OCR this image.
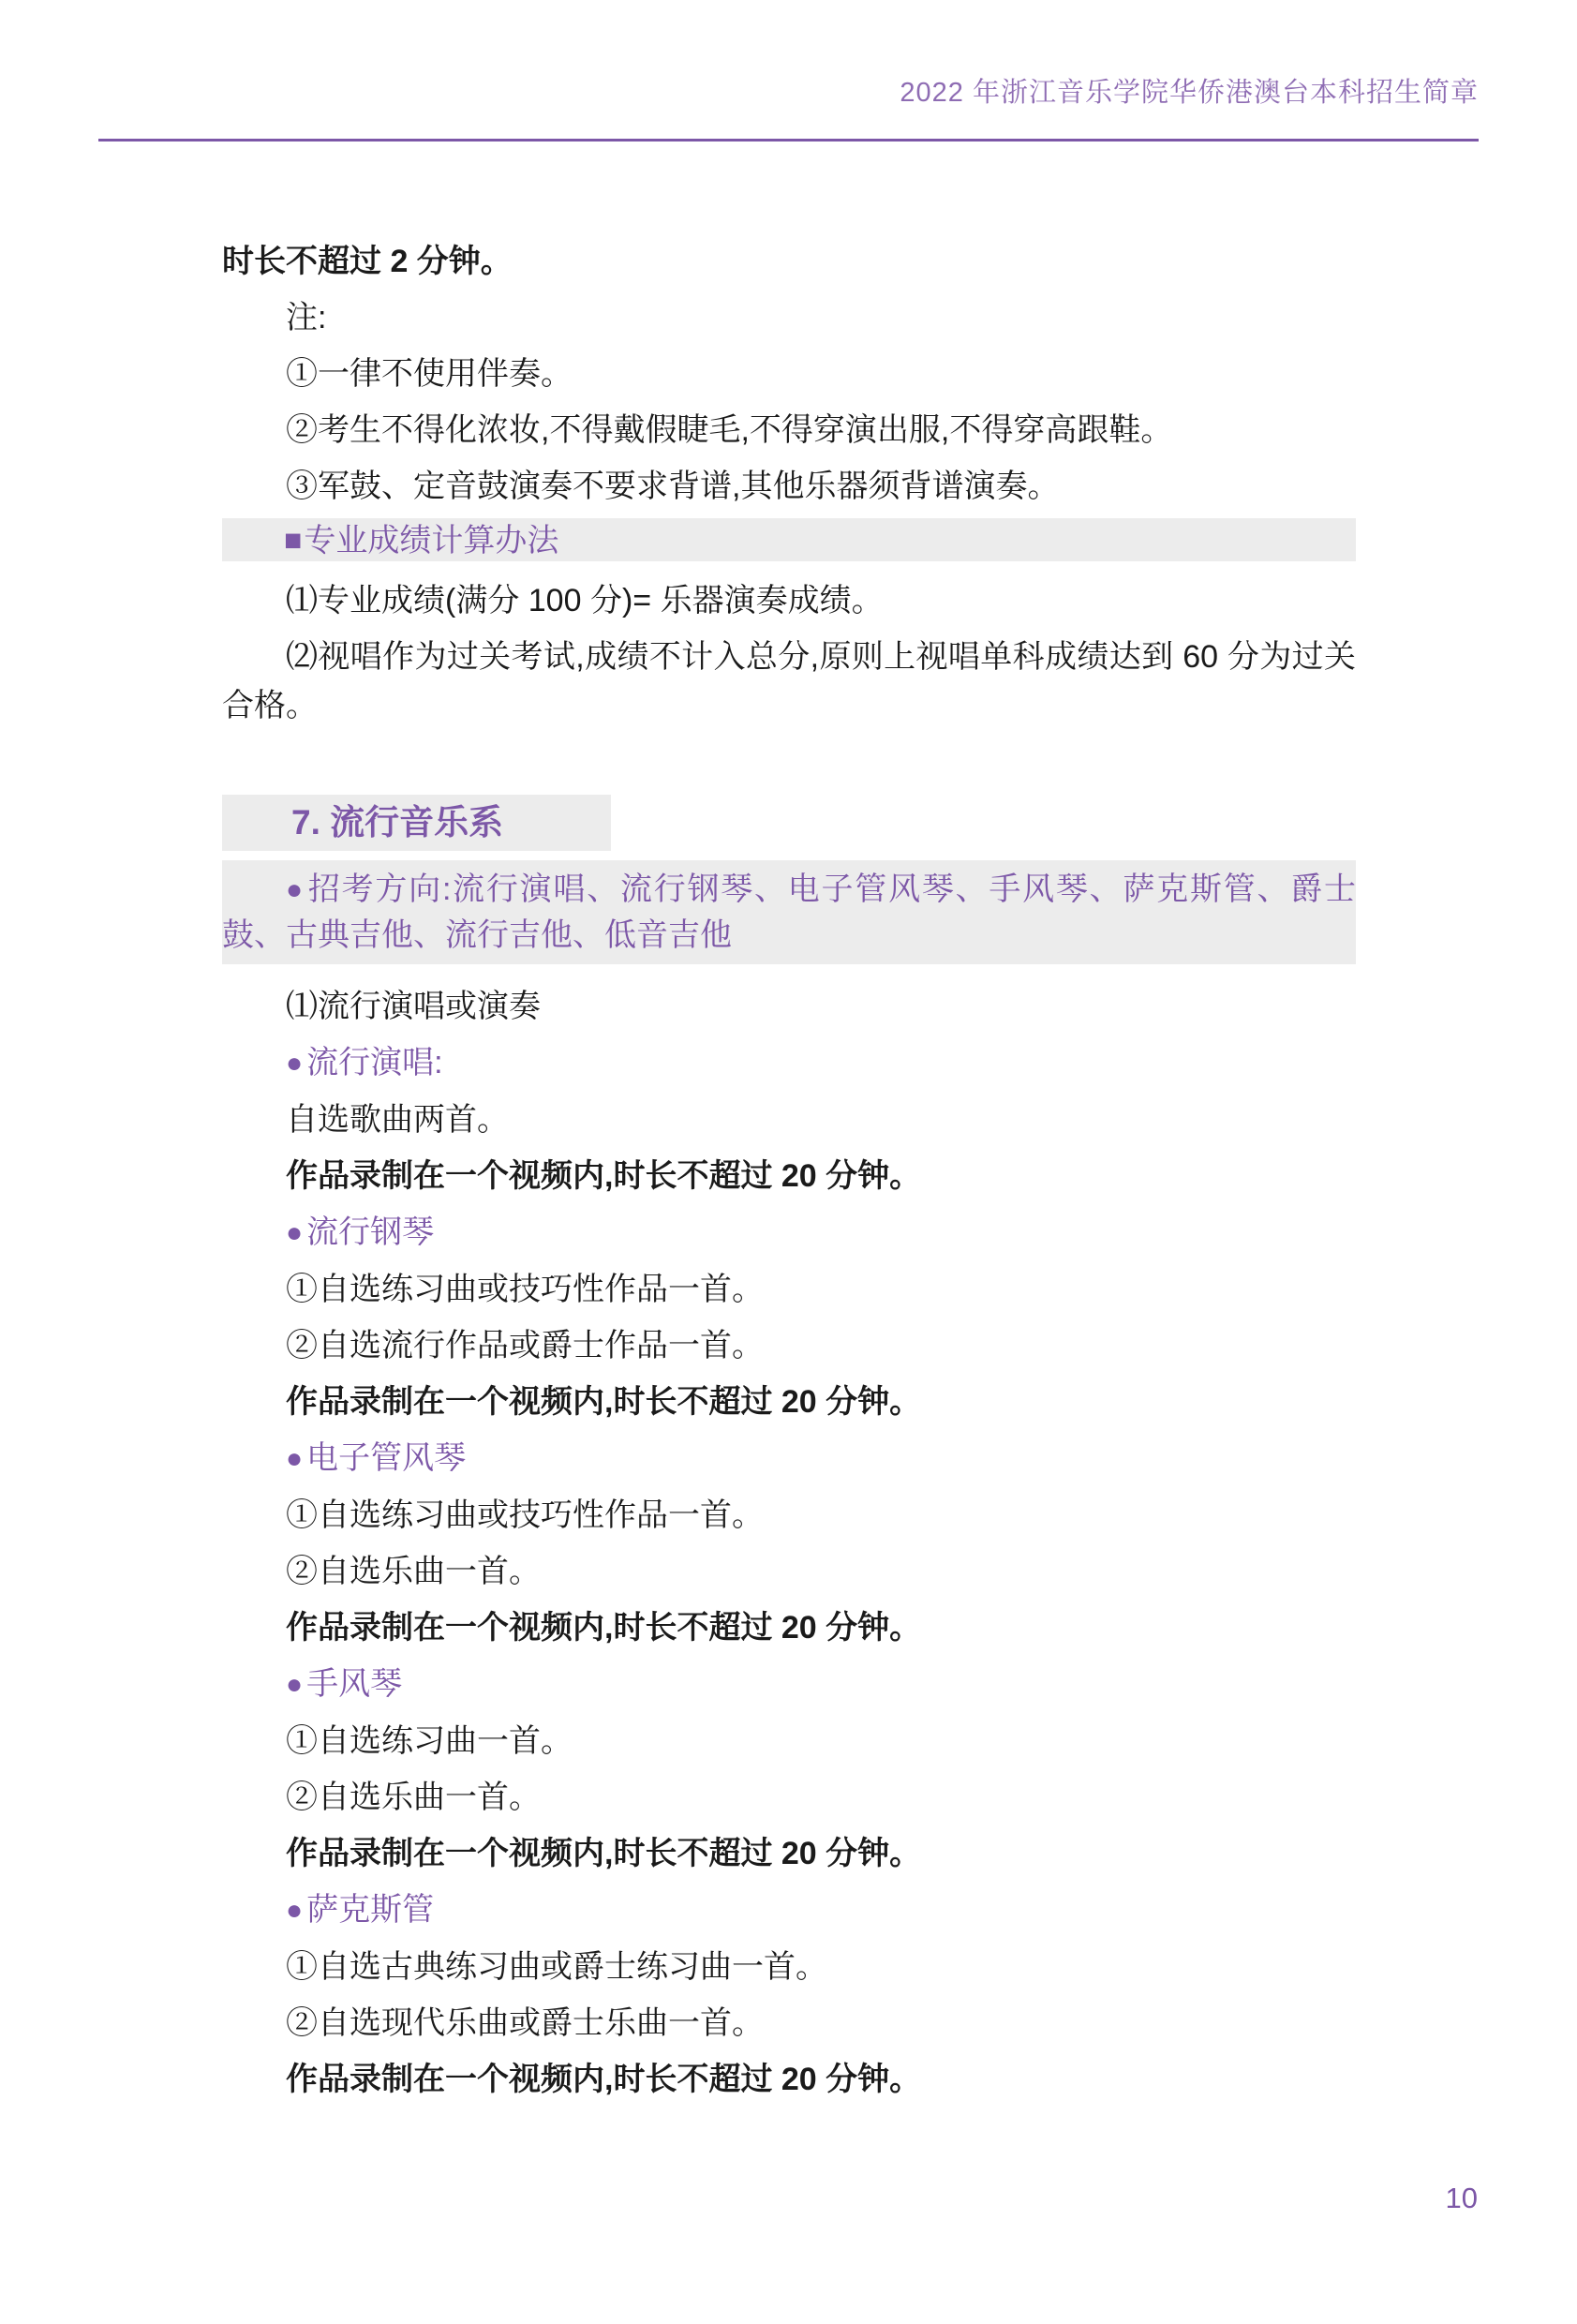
2022 年浙江音乐学院华侨港澳台本科招生简章
时长不超过 2 分钟。
注:
①一律不使用伴奏。
②考生不得化浓妆,不得戴假睫毛,不得穿演出服,不得穿高跟鞋。
③军鼓、定音鼓演奏不要求背谱,其他乐器须背谱演奏。
■专业成绩计算办法
⑴专业成绩(满分 100 分)= 乐器演奏成绩。
⑵视唱作为过关考试,成绩不计入总分,原则上视唱单科成绩达到 60 分为过关合格。
7. 流行音乐系
●招考方向:流行演唱、流行钢琴、电子管风琴、手风琴、萨克斯管、爵士鼓、古典吉他、流行吉他、低音吉他
⑴流行演唱或演奏
●流行演唱:
自选歌曲两首。
作品录制在一个视频内,时长不超过 20 分钟。
●流行钢琴
①自选练习曲或技巧性作品一首。
②自选流行作品或爵士作品一首。
作品录制在一个视频内,时长不超过 20 分钟。
●电子管风琴
①自选练习曲或技巧性作品一首。
②自选乐曲一首。
作品录制在一个视频内,时长不超过 20 分钟。
●手风琴
①自选练习曲一首。
②自选乐曲一首。
作品录制在一个视频内,时长不超过 20 分钟。
●萨克斯管
①自选古典练习曲或爵士练习曲一首。
②自选现代乐曲或爵士乐曲一首。
作品录制在一个视频内,时长不超过 20 分钟。
10
